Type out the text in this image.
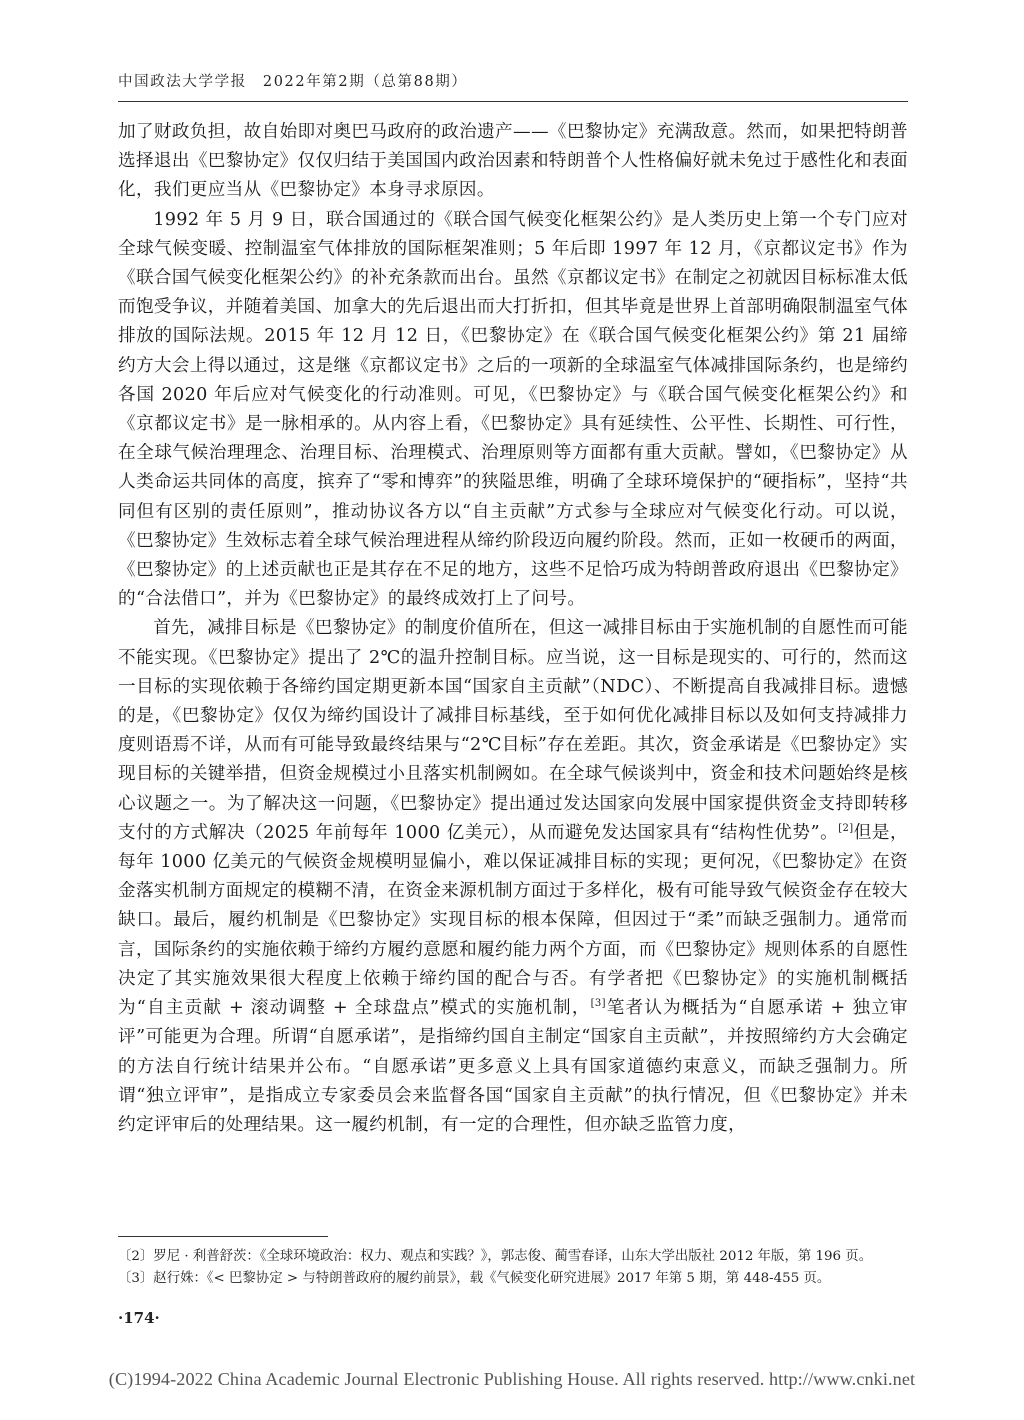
中国政法大学学报　2022年第2期（总第88期）

加了财政负担，故自始即对奥巴马政府的政治遗产——《巴黎协定》充满敌意。然而，如果把特朗普选择退出《巴黎协定》仅仅归结于美国国内政治因素和特朗普个人性格偏好就未免过于感性化和表面化，我们更应当从《巴黎协定》本身寻求原因。

1992 年 5 月 9 日，联合国通过的《联合国气候变化框架公约》是人类历史上第一个专门应对全球气候变暖、控制温室气体排放的国际框架准则；5 年后即 1997 年 12 月，《京都议定书》作为《联合国气候变化框架公约》的补充条款而出台。虽然《京都议定书》在制定之初就因目标标准太低而饱受争议，并随着美国、加拿大的先后退出而大打折扣，但其毕竟是世界上首部明确限制温室气体排放的国际法规。2015 年 12 月 12 日，《巴黎协定》在《联合国气候变化框架公约》第 21 届缔约方大会上得以通过，这是继《京都议定书》之后的一项新的全球温室气体减排国际条约，也是缔约各国 2020 年后应对气候变化的行动准则。可见，《巴黎协定》与《联合国气候变化框架公约》和《京都议定书》是一脉相承的。从内容上看，《巴黎协定》具有延续性、公平性、长期性、可行性，在全球气候治理理念、治理目标、治理模式、治理原则等方面都有重大贡献。譬如，《巴黎协定》从人类命运共同体的高度，摈弃了“零和博弈”的狭隘思维，明确了全球环境保护的“硬指标”，坚持“共同但有区别的责任原则”，推动协议各方以“自主贡献”方式参与全球应对气候变化行动。可以说，《巴黎协定》生效标志着全球气候治理进程从缔约阶段迈向履约阶段。然而，正如一枚硬币的两面，《巴黎协定》的上述贡献也正是其存在不足的地方，这些不足恰巧成为特朗普政府退出《巴黎协定》的“合法借口”，并为《巴黎协定》的最终成效打上了问号。

首先，减排目标是《巴黎协定》的制度价值所在，但这一减排目标由于实施机制的自愿性而可能不能实现。《巴黎协定》提出了 2℃的温升控制目标。应当说，这一目标是现实的、可行的，然而这一目标的实现依赖于各缔约国定期更新本国“国家自主贡献”（NDC）、不断提高自我减排目标。遗憾的是，《巴黎协定》仅仅为缔约国设计了减排目标基线，至于如何优化减排目标以及如何支持减排力度则语焉不详，从而有可能导致最终结果与“2℃目标”存在差距。其次，资金承诺是《巴黎协定》实现目标的关键举措，但资金规模过小且落实机制阙如。在全球气候谈判中，资金和技术问题始终是核心议题之一。为了解决这一问题，《巴黎协定》提出通过发达国家向发展中国家提供资金支持即转移支付的方式解决（2025 年前每年 1000 亿美元），从而避免发达国家具有“结构性优势”。[2]但是，每年 1000 亿美元的气候资金规模明显偏小，难以保证减排目标的实现；更何况，《巴黎协定》在资金落实机制方面规定的模糊不清，在资金来源机制方面过于多样化，极有可能导致气候资金存在较大缺口。最后，履约机制是《巴黎协定》实现目标的根本保障，但因过于“柔”而缺乏强制力。通常而言，国际条约的实施依赖于缔约方履约意愿和履约能力两个方面，而《巴黎协定》规则体系的自愿性决定了其实施效果很大程度上依赖于缔约国的配合与否。有学者把《巴黎协定》的实施机制概括为“自主贡献 + 滚动调整 + 全球盘点”模式的实施机制，[3]笔者认为概括为“自愿承诺 + 独立审评”可能更为合理。所谓“自愿承诺”，是指缔约国自主制定“国家自主贡献”，并按照缔约方大会确定的方法自行统计结果并公布。“自愿承诺”更多意义上具有国家道德约束意义，而缺乏强制力。所谓“独立评审”，是指成立专家委员会来监督各国“国家自主贡献”的执行情况，但《巴黎协定》并未约定评审后的处理结果。这一履约机制，有一定的合理性，但亦缺乏监管力度，

〔2〕罗尼 · 利普舒茨：《全球环境政治：权力、观点和实践？》，郭志俊、蔺雪春译，山东大学出版社 2012 年版，第 196 页。

〔3〕赵行姝：《< 巴黎协定 > 与特朗普政府的履约前景》，载《气候变化研究进展》2017 年第 5 期，第 448-455 页。

·174·
(C)1994-2022 China Academic Journal Electronic Publishing House. All rights reserved. http://www.cnki.net
